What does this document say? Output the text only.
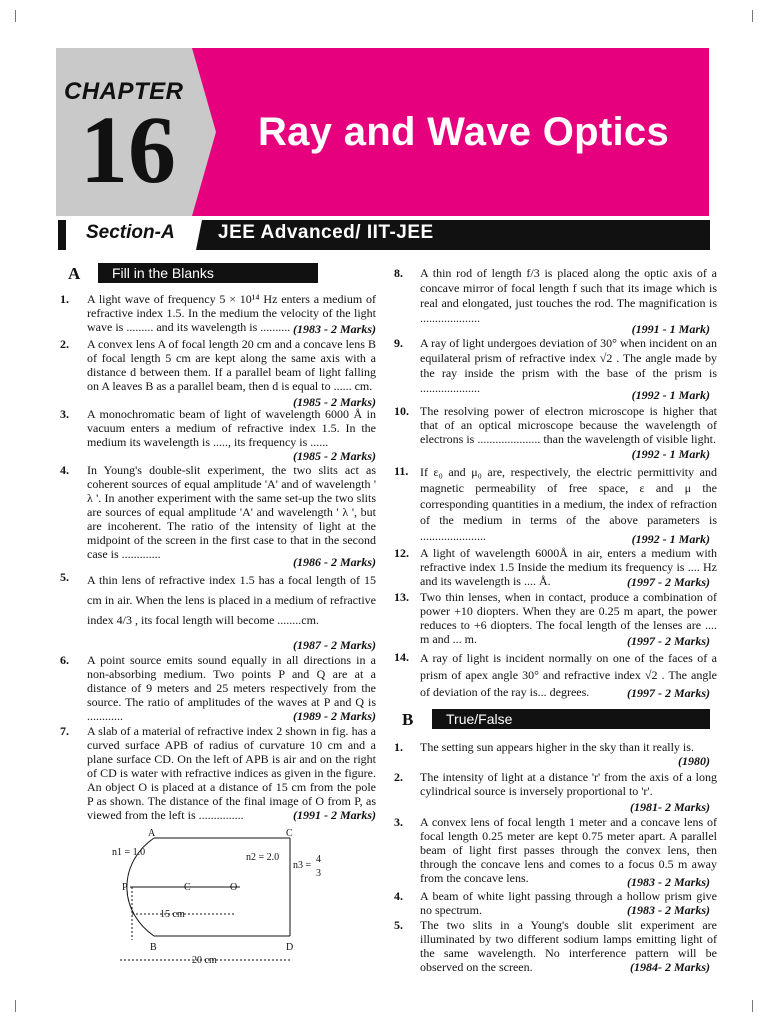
CHAPTER
16 Ray and Wave Optics
Section-A JEE Advanced/ IIT-JEE
A Fill in the Blanks
1. A light wave of frequency 5 × 10¹⁴ Hz enters a medium of refractive index 1.5. In the medium the velocity of the light wave is ......... and its wavelength is .......... (1983 - 2 Marks)
2. A convex lens A of focal length 20 cm and a concave lens B of focal length 5 cm are kept along the same axis with a distance d between them. If a parallel beam of light falling on A leaves B as a parallel beam, then d is equal to ...... cm.
(1985 - 2 Marks)
3. A monochromatic beam of light of wavelength 6000 Å in vacuum enters a medium of refractive index 1.5. In the medium its wavelength is ....., its frequency is ......
(1985 - 2 Marks)
4. In Young's double-slit experiment, the two slits act as coherent sources of equal amplitude 'A' and of wavelength ' λ '. In another experiment with the same set-up the two slits are sources of equal amplitude 'A' and wavelength ' λ ', but are incoherent. The ratio of the intensity of light at the midpoint of the screen in the first case to that in the second case is .............
(1986 - 2 Marks)
5. A thin lens of refractive index 1.5 has a focal length of 15 cm in air. When the lens is placed in a medium of refractive index 4/3 , its focal length will become ........cm.
(1987 - 2 Marks)
6. A point source emits sound equally in all directions in a non-absorbing medium. Two points P and Q are at a distance of 9 meters and 25 meters respectively from the source. The ratio of amplitudes of the waves at P and Q is ............	(1989 - 2 Marks)
7. A slab of a material of refractive index 2 shown in fig. has a curved surface APB of radius of curvature 10 cm and a plane surface CD. On the left of APB is air and on the right of CD is water with refractive indices as given in the figure. An object O is placed at a distance of 15 cm from the pole P as shown. The distance of the final image of O from P, as viewed from the left is ...............	(1991 - 2 Marks)
A	C
B	D
P	C	O
n1 = 1.0	n2 = 2.0
n3 =
4
3
15 cm
20 cm
8. A thin rod of length f/3 is placed along the optic axis of a concave mirror of focal length f such that its image which is real and elongated, just touches the rod. The magnification is ....................
(1991 - 1 Mark)
9. A ray of light undergoes deviation of 30° when incident on an equilateral prism of refractive index √2 . The angle made by the ray inside the prism with the base of the prism is ....................	(1992 - 1 Mark)
10. The resolving power of electron microscope is higher that that of an optical microscope because the wavelength of electrons is ..................... than the wavelength of visible light.
(1992 - 1 Mark)
11. If ε₀ and μ₀ are, respectively, the electric permittivity and magnetic permeability of free space, ε and μ the corresponding quantities in a medium, the index of refraction of the medium in terms of the above parameters is ......................	(1992 - 1 Mark)
12. A light of wavelength 6000Å in air, enters a medium with refractive index 1.5 Inside the medium its frequency is .... Hz and its wavelength is .... Å.	(1997 - 2 Marks)
13. Two thin lenses, when in contact, produce a combination of power +10 diopters. When they are 0.25 m apart, the power reduces to +6 diopters. The focal length of the lenses are .... m and ... m.	(1997 - 2 Marks)
14. A ray of light is incident normally on one of the faces of a prism of apex angle 30° and refractive index √2 . The angle of deviation of the ray is... degrees.	(1997 - 2 Marks)
B True/False
1. The setting sun appears higher in the sky than it really is.
(1980)
2. The intensity of light at a distance 'r' from the axis of a long cylindrical source is inversely proportional to 'r'.
(1981- 2 Marks)
3. A convex lens of focal length 1 meter and a concave lens of focal length 0.25 meter are kept 0.75 meter apart. A parallel beam of light first passes through the convex lens, then through the concave lens and comes to a focus 0.5 m away from the concave lens.	(1983 - 2 Marks)
4. A beam of white light passing through a hollow prism give no spectrum.	(1983 - 2 Marks)
5. The two slits in a Young's double slit experiment are illuminated by two different sodium lamps emitting light of the same wavelength. No interference pattern will be observed on the screen.	(1984- 2 Marks)
